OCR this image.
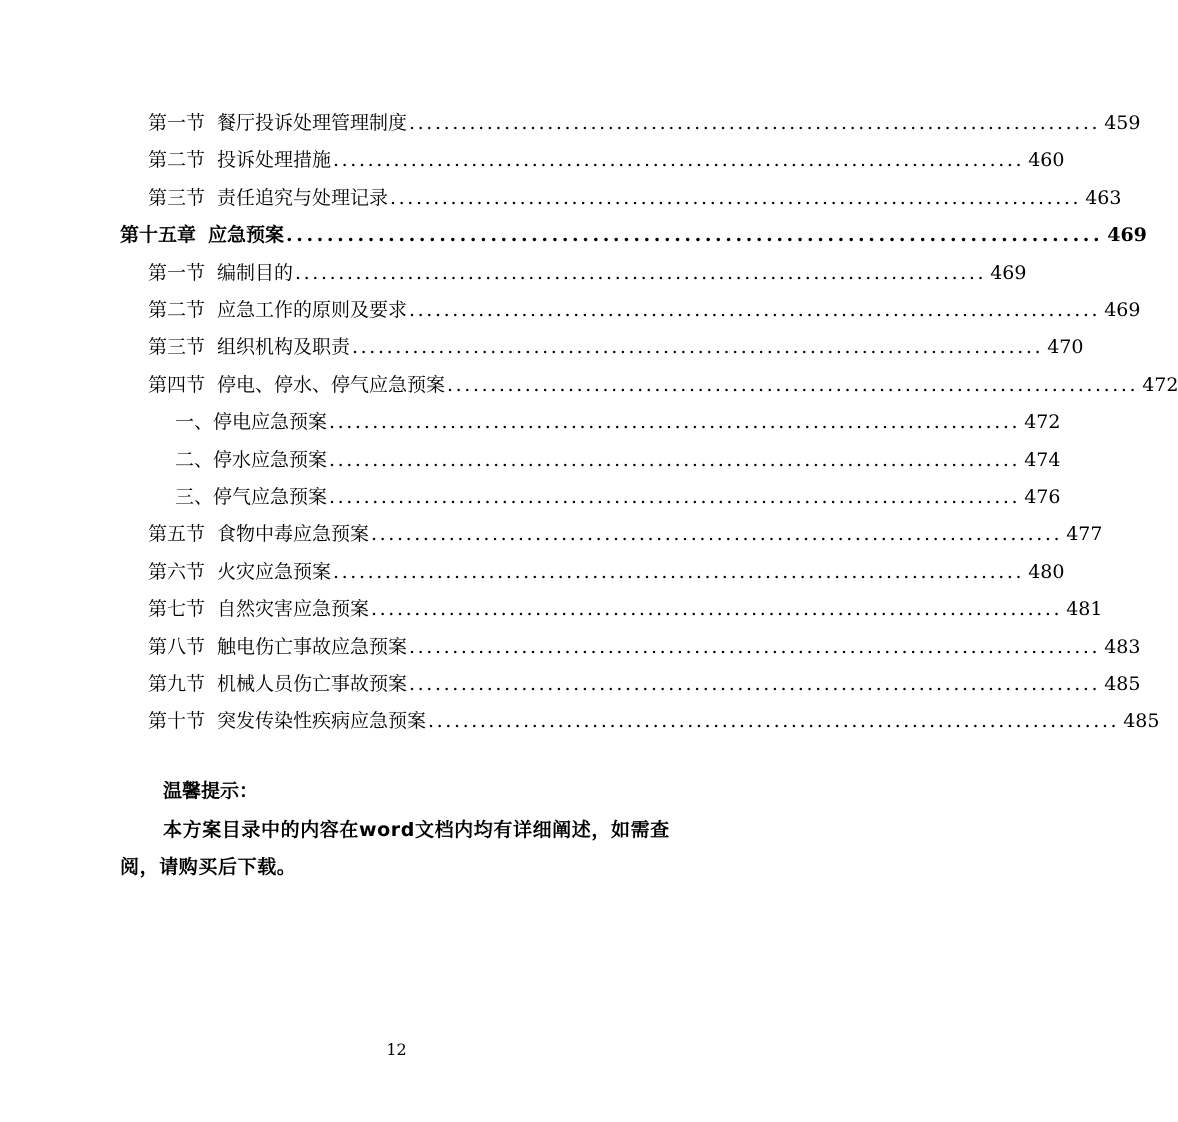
第一节 餐厅投诉处理管理制度 ................................................................................ 459
第二节 投诉处理措施 ................................................................................ 460
第三节 责任追究与处理记录 ................................................................................ 463
第十五章 应急预案 ................................................................................ 469
第一节 编制目的 ................................................................................ 469
第二节 应急工作的原则及要求 ................................................................................ 469
第三节 组织机构及职责 ................................................................................ 470
第四节 停电、停水、停气应急预案 ................................................................................ 472
一、停电应急预案 ................................................................................ 472
二、停水应急预案 ................................................................................ 474
三、停气应急预案 ................................................................................ 476
第五节 食物中毒应急预案 ................................................................................ 477
第六节 火灾应急预案 ................................................................................ 480
第七节 自然灾害应急预案 ................................................................................ 481
第八节 触电伤亡事故应急预案 ................................................................................ 483
第九节 机械人员伤亡事故预案 ................................................................................ 485
第十节 突发传染性疾病应急预案 ................................................................................ 485
温馨提示：
本方案目录中的内容在word文档内均有详细阐述，如需查阅，请购买后下载。
12
